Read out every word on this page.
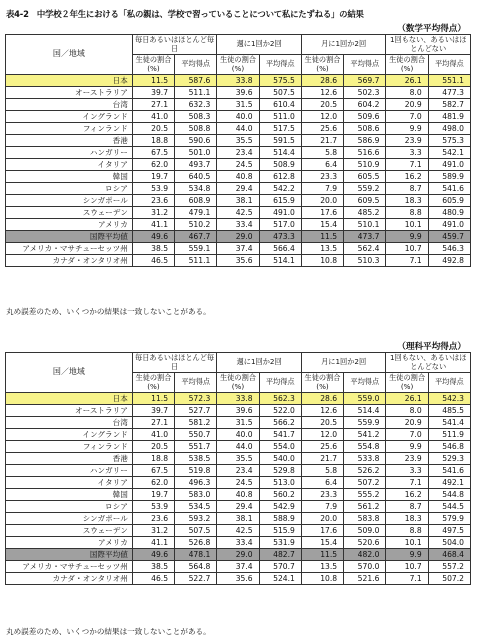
表4-2　中学校２年生における「私の親は、学校で習っていることについて私にたずねる」の結果
（数学平均得点）
国／地域	毎日あるいはほとんど毎日		週に1回か2回		月に1回か2回		1回もない、あるいはほとんどない	
	生徒の割合(%)	平均得点	生徒の割合(%)	平均得点	生徒の割合(%)	平均得点	生徒の割合(%)	平均得点
日本	11.5	587.6	33.8	575.5	28.6	569.7	26.1	551.1
オーストラリア	39.7	511.1	39.6	507.5	12.6	502.3	8.0	477.3
台湾	27.1	632.3	31.5	610.4	20.5	604.2	20.9	582.7
イングランド	41.0	508.3	40.0	511.0	12.0	509.6	7.0	481.9
フィンランド	20.5	508.8	44.0	517.5	25.6	508.6	9.9	498.0
香港	18.8	590.6	35.5	591.5	21.7	586.9	23.9	575.3
ハンガリー	67.5	501.0	23.4	514.4	5.8	516.6	3.3	542.1
イタリア	62.0	493.7	24.5	508.9	6.4	510.9	7.1	491.0
韓国	19.7	640.5	40.8	612.8	23.3	605.5	16.2	589.9
ロシア	53.9	534.8	29.4	542.2	7.9	559.2	8.7	541.6
シンガポール	23.6	608.9	38.1	615.9	20.0	609.5	18.3	605.9
スウェーデン	31.2	479.1	42.5	491.0	17.6	485.2	8.8	480.9
アメリカ	41.1	510.2	33.4	517.0	15.4	510.1	10.1	491.0
国際平均値	49.6	467.7	29.0	473.3	11.5	473.7	9.9	459.7
アメリカ・マサチューセッツ州	38.5	559.1	37.4	566.4	13.5	562.4	10.7	546.3
カナダ・オンタリオ州	46.5	511.1	35.6	514.1	10.8	510.3	7.1	492.8
丸め誤差のため、いくつかの結果は一致しないことがある。
（理科平均得点）
国／地域	毎日あるいはほとんど毎日		週に1回か2回		月に1回か2回		1回もない、あるいはほとんどない	
	生徒の割合(%)	平均得点	生徒の割合(%)	平均得点	生徒の割合(%)	平均得点	生徒の割合(%)	平均得点
日本	11.5	572.3	33.8	562.3	28.6	559.0	26.1	542.3
オーストラリア	39.7	527.7	39.6	522.0	12.6	514.4	8.0	485.5
台湾	27.1	581.2	31.5	566.2	20.5	559.9	20.9	541.4
イングランド	41.0	550.7	40.0	541.7	12.0	541.2	7.0	511.9
フィンランド	20.5	551.7	44.0	554.0	25.6	554.8	9.9	546.8
香港	18.8	538.5	35.5	540.0	21.7	533.8	23.9	529.3
ハンガリー	67.5	519.8	23.4	529.8	5.8	526.2	3.3	541.6
イタリア	62.0	496.3	24.5	513.0	6.4	507.2	7.1	492.1
韓国	19.7	583.0	40.8	560.2	23.3	555.2	16.2	544.8
ロシア	53.9	534.5	29.4	542.9	7.9	561.2	8.7	544.5
シンガポール	23.6	593.2	38.1	588.9	20.0	583.8	18.3	579.9
スウェーデン	31.2	507.5	42.5	515.9	17.6	509.0	8.8	497.5
アメリカ	41.1	526.8	33.4	531.9	15.4	520.6	10.1	504.0
国際平均値	49.6	478.1	29.0	482.7	11.5	482.0	9.9	468.4
アメリカ・マサチューセッツ州	38.5	564.8	37.4	570.7	13.5	570.0	10.7	557.2
カナダ・オンタリオ州	46.5	522.7	35.6	524.1	10.8	521.6	7.1	507.2
丸め誤差のため、いくつかの結果は一致しないことがある。
